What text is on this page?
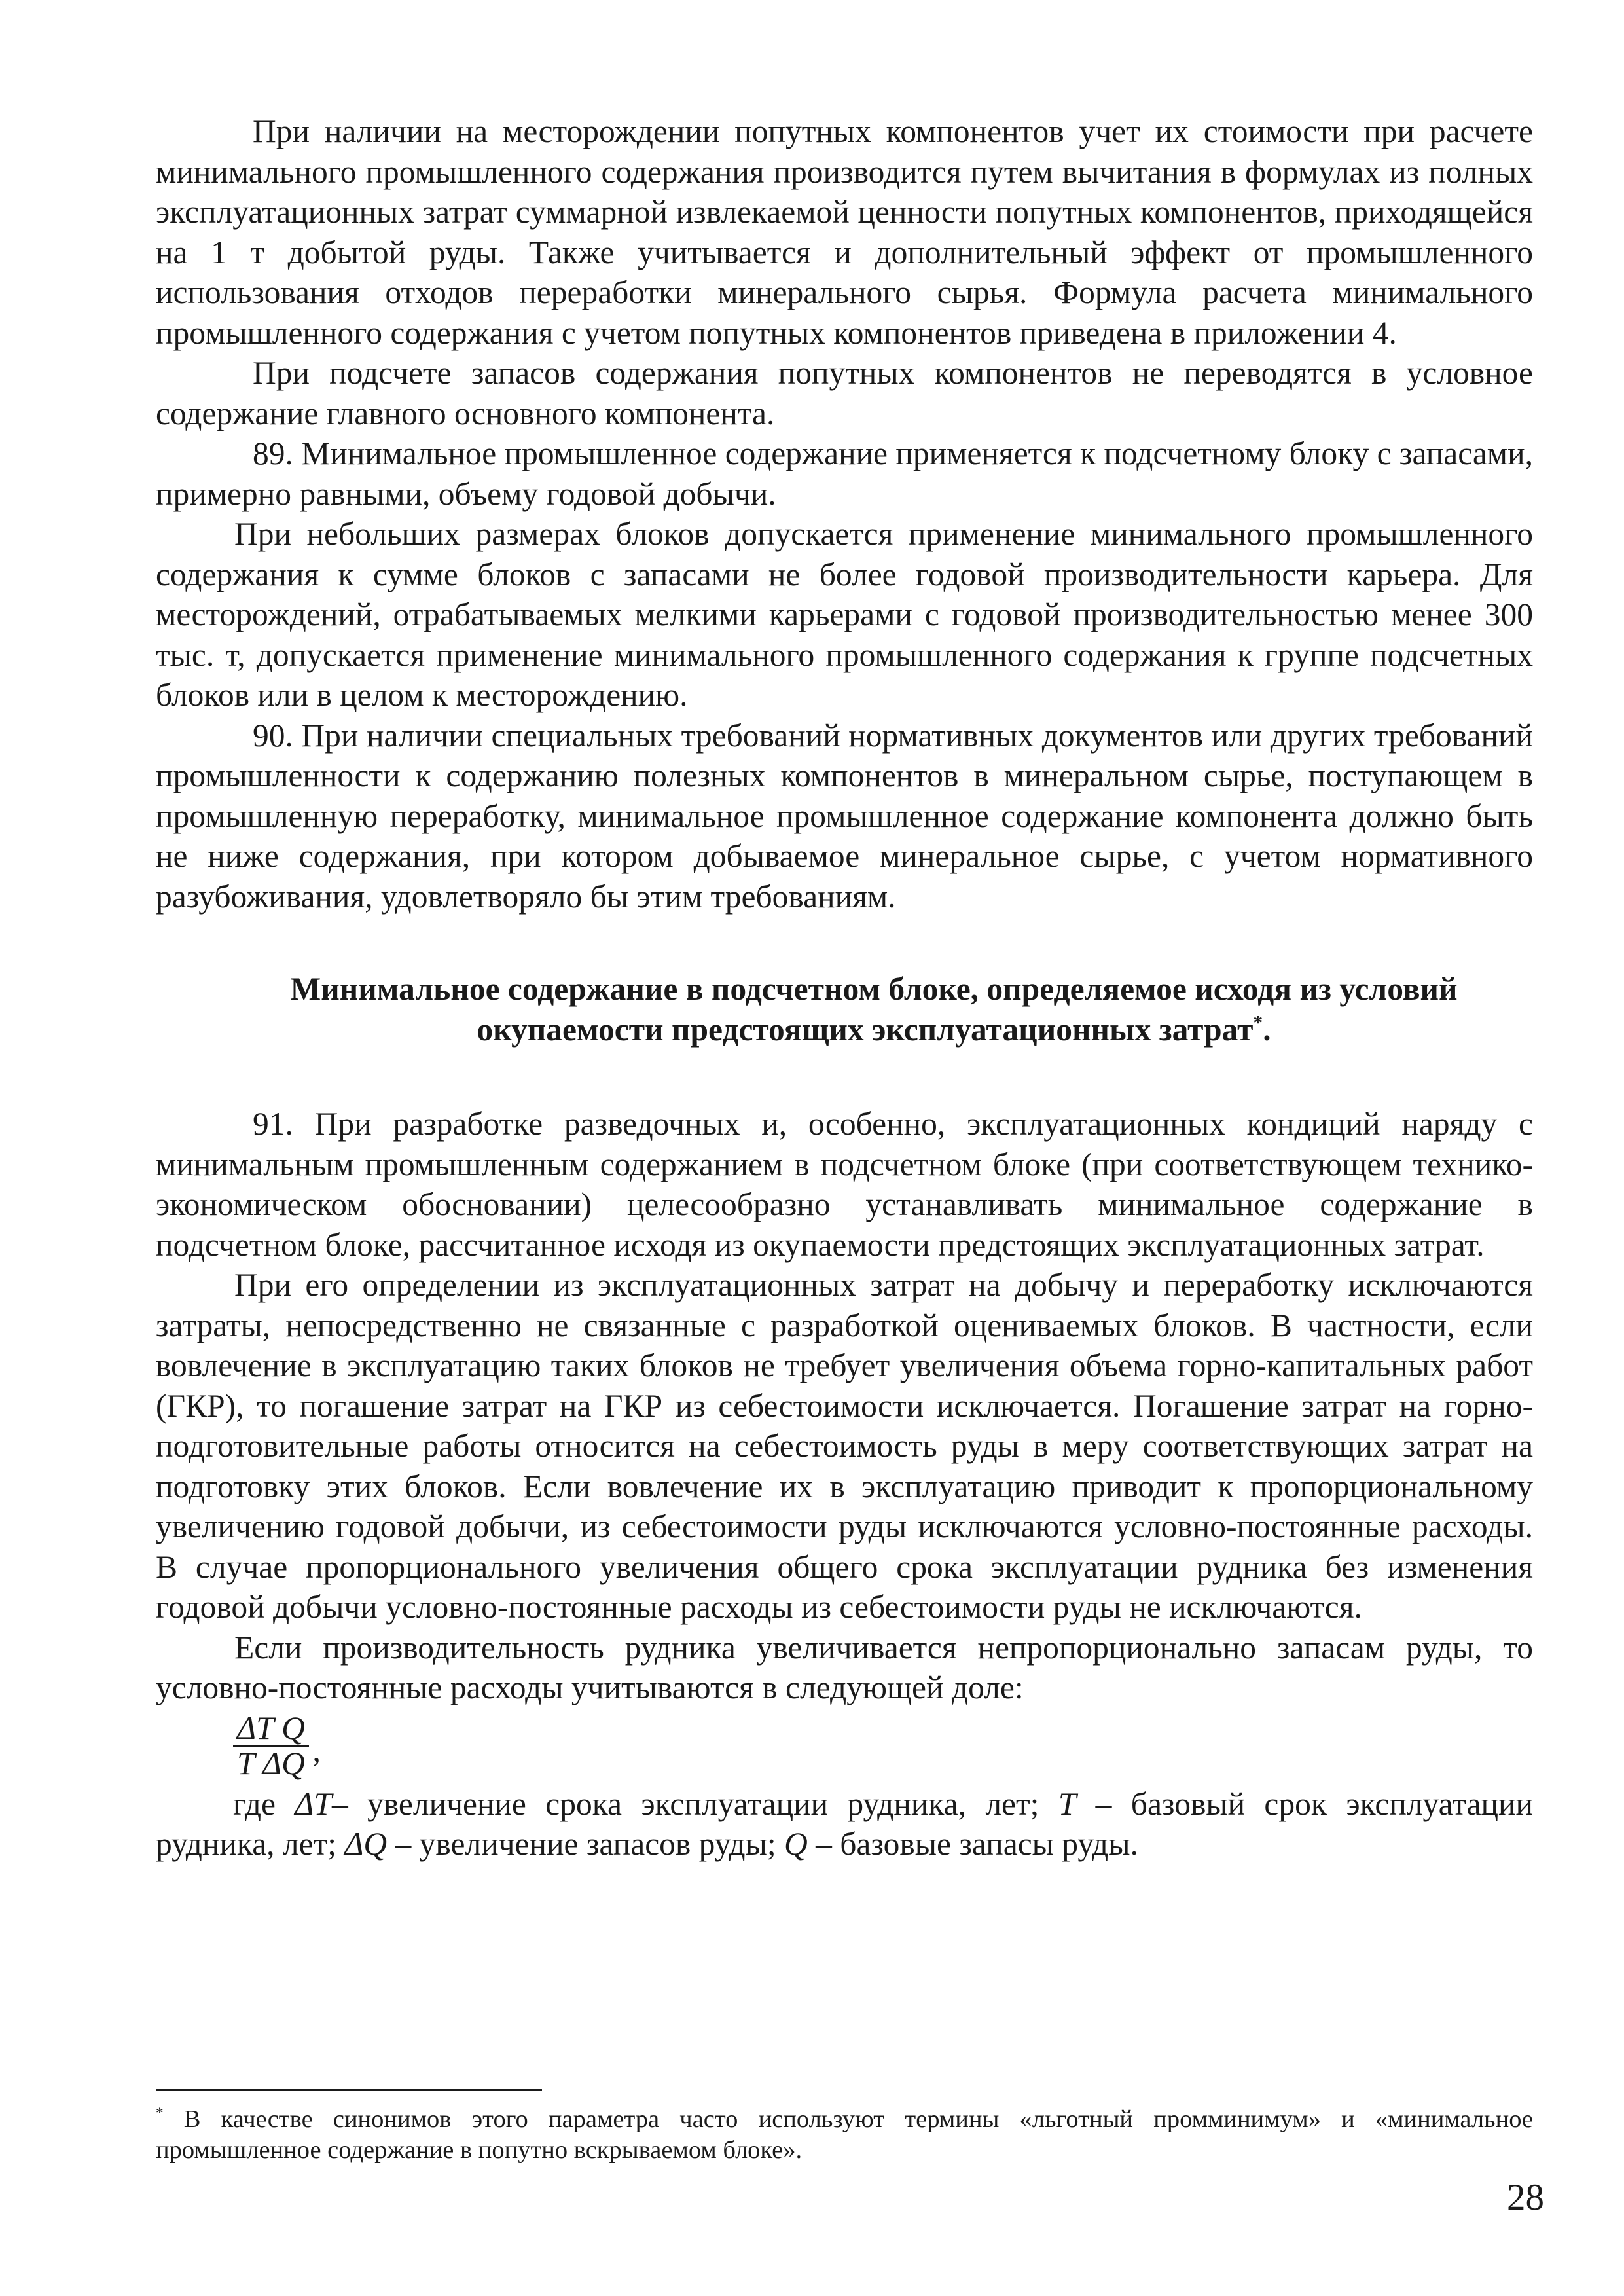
При наличии на месторождении попутных компонентов учет их стоимости при расчете минимального промышленного содержания производится путем вычитания в формулах из полных эксплуатационных затрат суммарной извлекаемой ценности попутных компонентов, приходящейся на 1 т добытой руды. Также учитывается и дополнительный эффект от промышленного использования отходов переработки минерального сырья. Формула расчета минимального промышленного содержания с учетом попутных компонентов приведена в приложении 4.

При подсчете запасов содержания попутных компонентов не переводятся в условное содержание главного основного компонента.

89. Минимальное промышленное содержание применяется к подсчетному блоку с запасами, примерно равными, объему годовой добычи.

При небольших размерах блоков допускается применение минимального промышленного содержания к сумме блоков с запасами не более годовой производительности карьера. Для месторождений, отрабатываемых мелкими карьерами с годовой производительностью менее 300 тыс. т, допускается применение минимального промышленного содержания к группе подсчетных блоков или в целом к месторождению.

90. При наличии специальных требований нормативных документов или других требований промышленности к содержанию полезных компонентов в минеральном сырье, поступающем в промышленную переработку, минимальное промышленное содержание компонента должно быть не ниже содержания, при котором добываемое минеральное сырье, с учетом нормативного разубоживания, удовлетворяло бы этим требованиям.

Минимальное содержание в подсчетном блоке, определяемое исходя из условий окупаемости предстоящих эксплуатационных затрат*.

91. При разработке разведочных и, особенно, эксплуатационных кондиций наряду с минимальным промышленным содержанием в подсчетном блоке (при соответствующем технико-экономическом обосновании) целесообразно устанавливать минимальное содержание в подсчетном блоке, рассчитанное исходя из окупаемости предстоящих эксплуатационных затрат.

При его определении из эксплуатационных затрат на добычу и переработку исключаются затраты, непосредственно не связанные с разработкой оцениваемых блоков. В частности, если вовлечение в эксплуатацию таких блоков не требует увеличения объема горно-капитальных работ (ГКР), то погашение затрат на ГКР из себестоимости исключается. Погашение затрат на горно-подготовительные работы относится на себестоимость руды в меру соответствующих затрат на подготовку этих блоков. Если вовлечение их в эксплуатацию приводит к пропорциональному увеличению годовой добычи, из себестоимости руды исключаются условно-постоянные расходы. В случае пропорционального увеличения общего срока эксплуатации рудника без изменения годовой добычи условно-постоянные расходы из себестоимости руды не исключаются.

Если производительность рудника увеличивается непропорционально запасам руды, то условно-постоянные расходы учитываются в следующей доле:

ΔT Q
T ΔQ ,

где ΔT– увеличение срока эксплуатации рудника, лет; T – базовый срок эксплуатации рудника, лет; ΔQ – увеличение запасов руды; Q – базовые запасы руды.

* В качестве синонимов этого параметра часто используют термины «льготный промминимум» и «минимальное промышленное содержание в попутно вскрываемом блоке».

28
